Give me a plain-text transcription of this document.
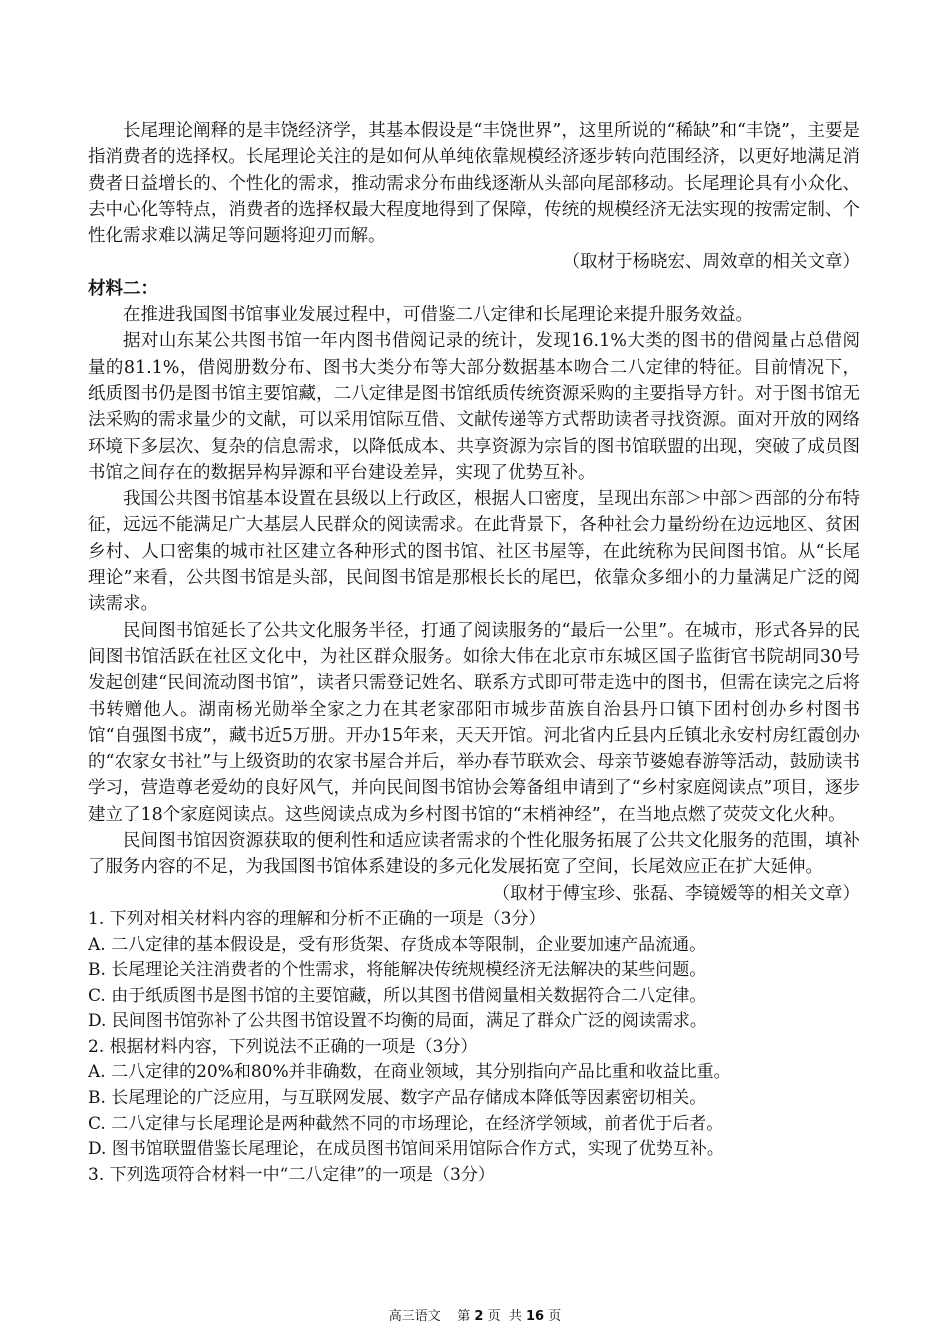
长尾理论阐释的是丰饶经济学，其基本假设是“丰饶世界”，这里所说的“稀缺”和“丰饶”，主要是指消费者的选择权。长尾理论关注的是如何从单纯依靠规模经济逐步转向范围经济，以更好地满足消费者日益增长的、个性化的需求，推动需求分布曲线逐渐从头部向尾部移动。长尾理论具有小众化、去中心化等特点，消费者的选择权最大程度地得到了保障，传统的规模经济无法实现的按需定制、个性化需求难以满足等问题将迎刃而解。

（取材于杨晓宏、周效章的相关文章）

材料二：

在推进我国图书馆事业发展过程中，可借鉴二八定律和长尾理论来提升服务效益。

据对山东某公共图书馆一年内图书借阅记录的统计，发现16.1%大类的图书的借阅量占总借阅量的81.1%，借阅册数分布、图书大类分布等大部分数据基本吻合二八定律的特征。目前情况下，纸质图书仍是图书馆主要馆藏，二八定律是图书馆纸质传统资源采购的主要指导方针。对于图书馆无法采购的需求量少的文献，可以采用馆际互借、文献传递等方式帮助读者寻找资源。面对开放的网络环境下多层次、复杂的信息需求，以降低成本、共享资源为宗旨的图书馆联盟的出现，突破了成员图书馆之间存在的数据异构异源和平台建设差异，实现了优势互补。

我国公共图书馆基本设置在县级以上行政区，根据人口密度，呈现出东部＞中部＞西部的分布特征，远远不能满足广大基层人民群众的阅读需求。在此背景下，各种社会力量纷纷在边远地区、贫困乡村、人口密集的城市社区建立各种形式的图书馆、社区书屋等，在此统称为民间图书馆。从“长尾理论”来看，公共图书馆是头部，民间图书馆是那根长长的尾巴，依靠众多细小的力量满足广泛的阅读需求。

民间图书馆延长了公共文化服务半径，打通了阅读服务的“最后一公里”。在城市，形式各异的民间图书馆活跃在社区文化中，为社区群众服务。如徐大伟在北京市东城区国子监街官书院胡同30号发起创建“民间流动图书馆”，读者只需登记姓名、联系方式即可带走选中的图书，但需在读完之后将书转赠他人。湖南杨光勋举全家之力在其老家邵阳市城步苗族自治县丹口镇下团村创办乡村图书馆“自强图书宬”，藏书近5万册。开办15年来，天天开馆。河北省内丘县内丘镇北永安村房红霞创办的“农家女书社”与上级资助的农家书屋合并后，举办春节联欢会、母亲节婆媳春游等活动，鼓励读书学习，营造尊老爱幼的良好风气，并向民间图书馆协会筹备组申请到了“乡村家庭阅读点”项目，逐步建立了18个家庭阅读点。这些阅读点成为乡村图书馆的“末梢神经”，在当地点燃了荧荧文化火种。

民间图书馆因资源获取的便利性和适应读者需求的个性化服务拓展了公共文化服务的范围，填补了服务内容的不足，为我国图书馆体系建设的多元化发展拓宽了空间，长尾效应正在扩大延伸。

（取材于傅宝珍、张磊、李镜嫒等的相关文章）

1. 下列对相关材料内容的理解和分析不正确的一项是（3分）

A. 二八定律的基本假设是，受有形货架、存货成本等限制，企业要加速产品流通。

B. 长尾理论关注消费者的个性需求，将能解决传统规模经济无法解决的某些问题。

C. 由于纸质图书是图书馆的主要馆藏，所以其图书借阅量相关数据符合二八定律。

D. 民间图书馆弥补了公共图书馆设置不均衡的局面，满足了群众广泛的阅读需求。

2. 根据材料内容，下列说法不正确的一项是（3分）

A. 二八定律的20%和80%并非确数，在商业领域，其分别指向产品比重和收益比重。

B. 长尾理论的广泛应用，与互联网发展、数字产品存储成本降低等因素密切相关。

C. 二八定律与长尾理论是两种截然不同的市场理论，在经济学领域，前者优于后者。

D. 图书馆联盟借鉴长尾理论，在成员图书馆间采用馆际合作方式，实现了优势互补。

3. 下列选项符合材料一中“二八定律”的一项是（3分）

高三语文 第 2 页  共 16 页
